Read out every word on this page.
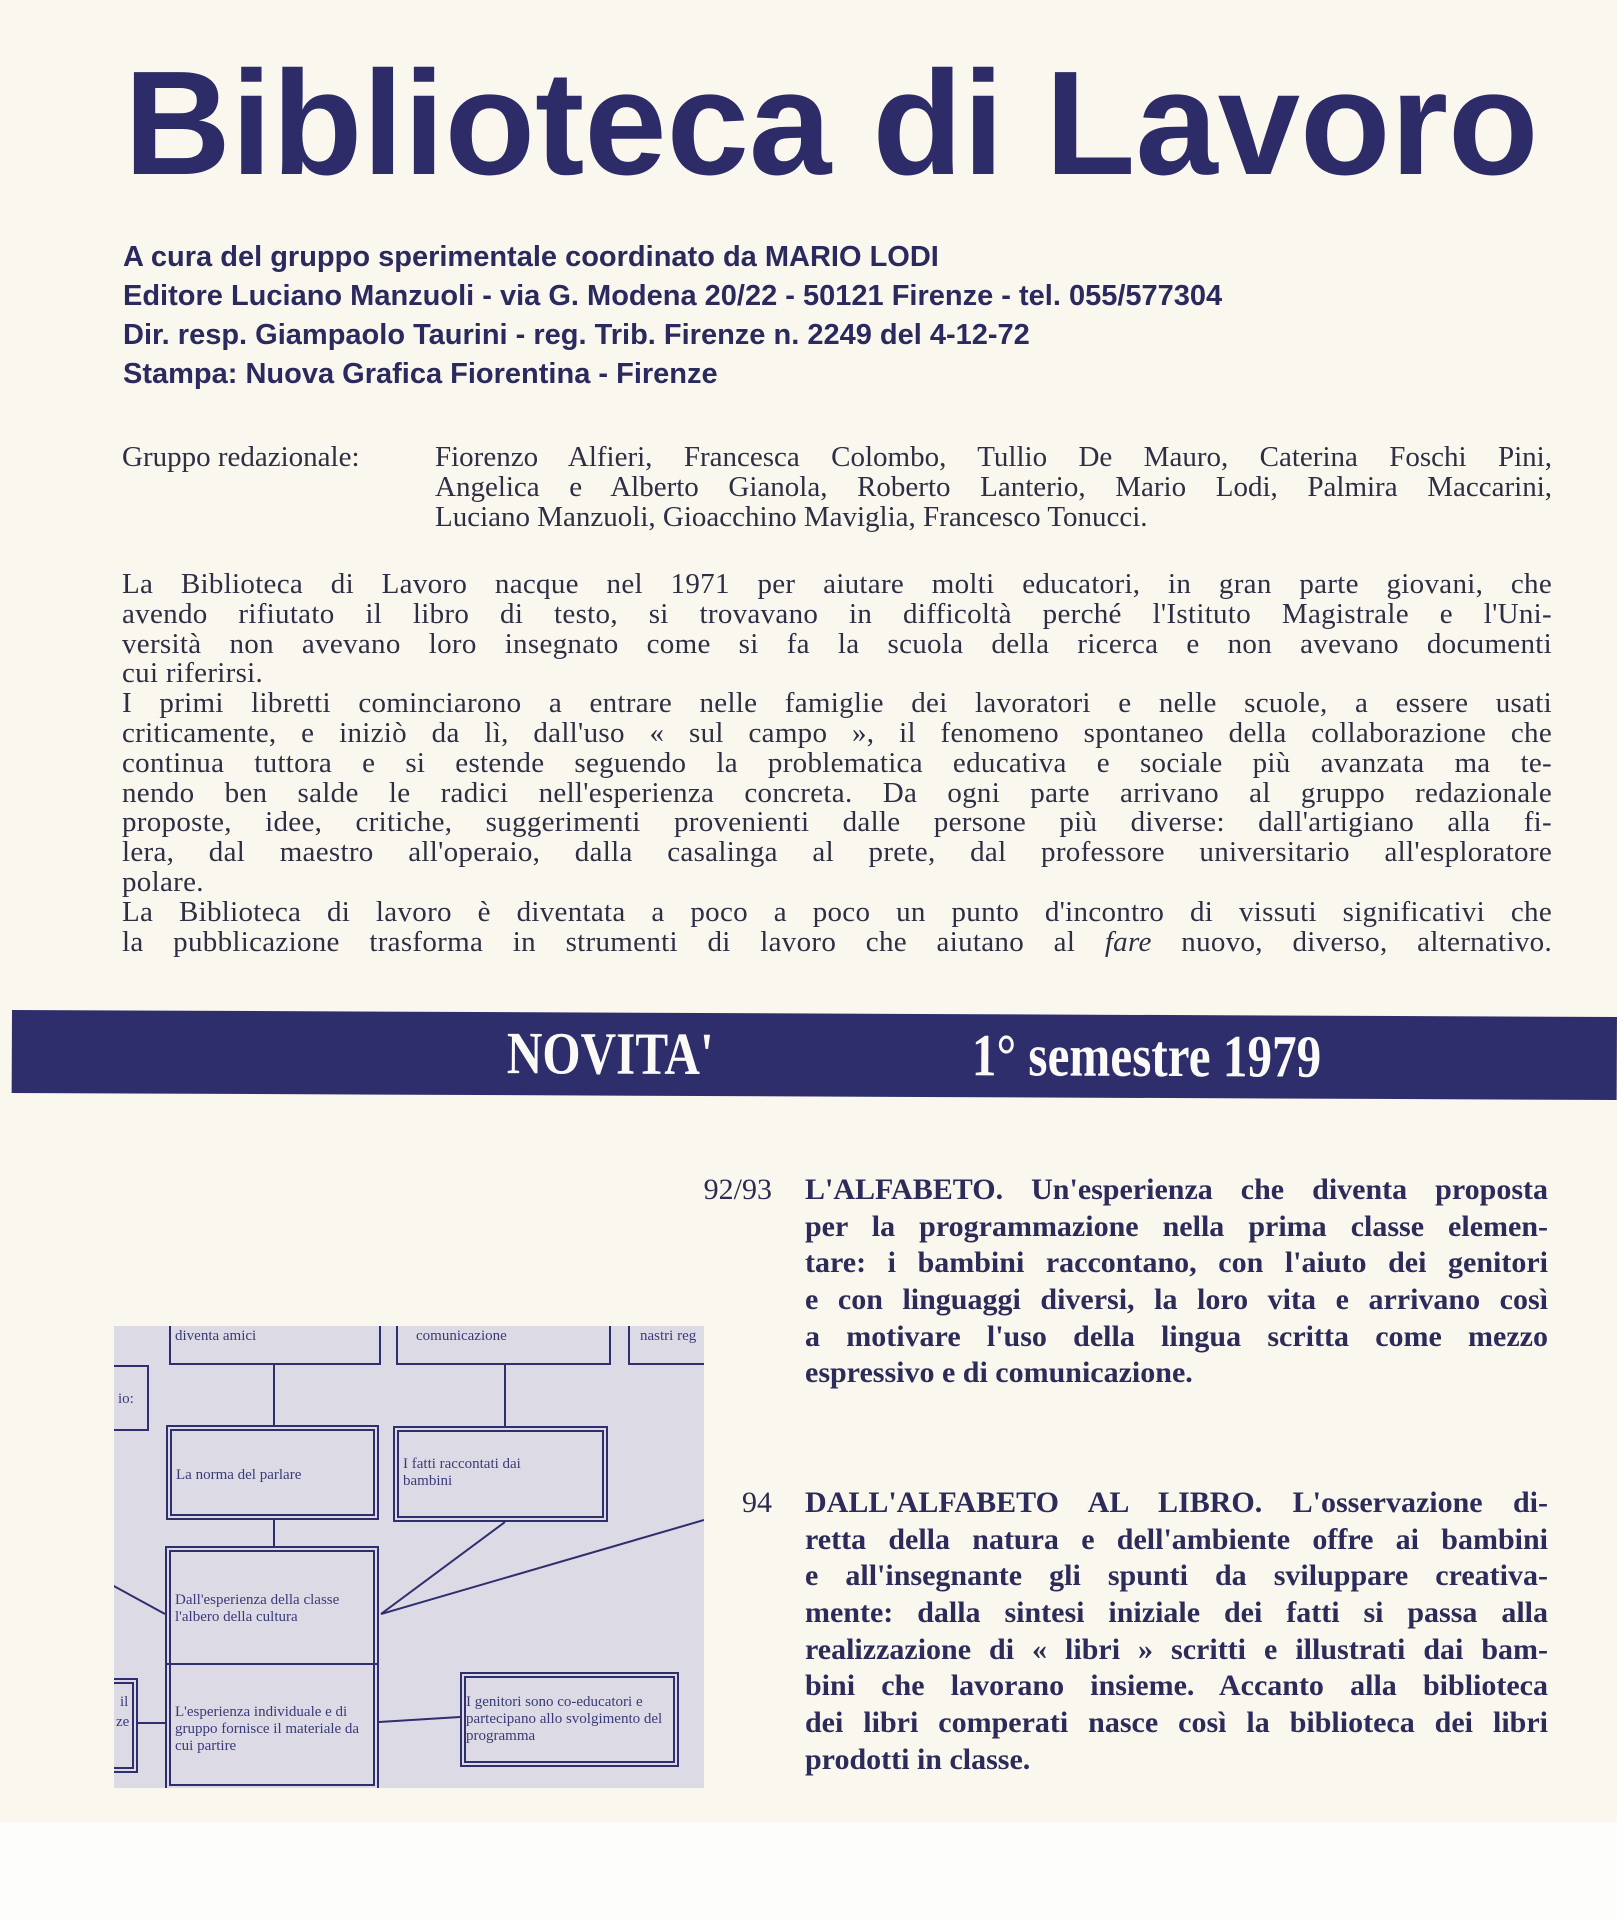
Biblioteca di Lavoro
A cura del gruppo sperimentale coordinato da MARIO LODI
Editore Luciano Manzuoli - via G. Modena 20/22 - 50121 Firenze - tel. 055/577304
Dir. resp. Giampaolo Taurini - reg. Trib. Firenze n. 2249 del 4-12-72
Stampa: Nuova Grafica Fiorentina - Firenze
Gruppo redazionale:	Fiorenzo Alfieri, Francesca Colombo, Tullio De Mauro, Caterina Foschi Pini,
Angelica e Alberto Gianola, Roberto Lanterio, Mario Lodi, Palmira Maccarini,
Luciano Manzuoli, Gioacchino Maviglia, Francesco Tonucci.
La Biblioteca di Lavoro nacque nel 1971 per aiutare molti educatori, in gran parte giovani, che
avendo rifiutato il libro di testo, si trovavano in difficoltà perché l'Istituto Magistrale e l'Uni-
versità non avevano loro insegnato come si fa la scuola della ricerca e non avevano documenti
cui riferirsi.
I primi libretti cominciarono a entrare nelle famiglie dei lavoratori e nelle scuole, a essere usati
criticamente, e iniziò da lì, dall'uso « sul campo », il fenomeno spontaneo della collaborazione che
continua tuttora e si estende seguendo la problematica educativa e sociale più avanzata ma te-
nendo ben salde le radici nell'esperienza concreta. Da ogni parte arrivano al gruppo redazionale
proposte, idee, critiche, suggerimenti provenienti dalle persone più diverse: dall'artigiano alla fi-
lera, dal maestro all'operaio, dalla casalinga al prete, dal professore universitario all'esploratore
polare.
La Biblioteca di lavoro è diventata a poco a poco un punto d'incontro di vissuti significativi che
la pubblicazione trasforma in strumenti di lavoro che aiutano al fare nuovo, diverso, alternativo.
NOVITA'	1° semestre 1979
92/93 L'ALFABETO. Un'esperienza che diventa proposta
per la programmazione nella prima classe elemen-
tare: i bambini raccontano, con l'aiuto dei genitori
e con linguaggi diversi, la loro vita e arrivano così
a motivare l'uso della lingua scritta come mezzo
espressivo e di comunicazione.
94 DALL'ALFABETO AL LIBRO. L'osservazione di-
retta della natura e dell'ambiente offre ai bambini
e all'insegnante gli spunti da sviluppare creativa-
mente: dalla sintesi iniziale dei fatti si passa alla
realizzazione di « libri » scritti e illustrati dai bam-
bini che lavorano insieme. Accanto alla biblioteca
dei libri comperati nasce così la biblioteca dei libri
prodotti in classe.
diventa amici	comunicazione	nastri reg
io:
La norma del parlare
I fatti raccontati dai bambini
Dall'esperienza della classe l'albero della cultura
L'esperienza individuale e di gruppo fornisce il materiale da cui partire
il
ze
I genitori sono co-educatori e partecipano allo svolgimento del programma
